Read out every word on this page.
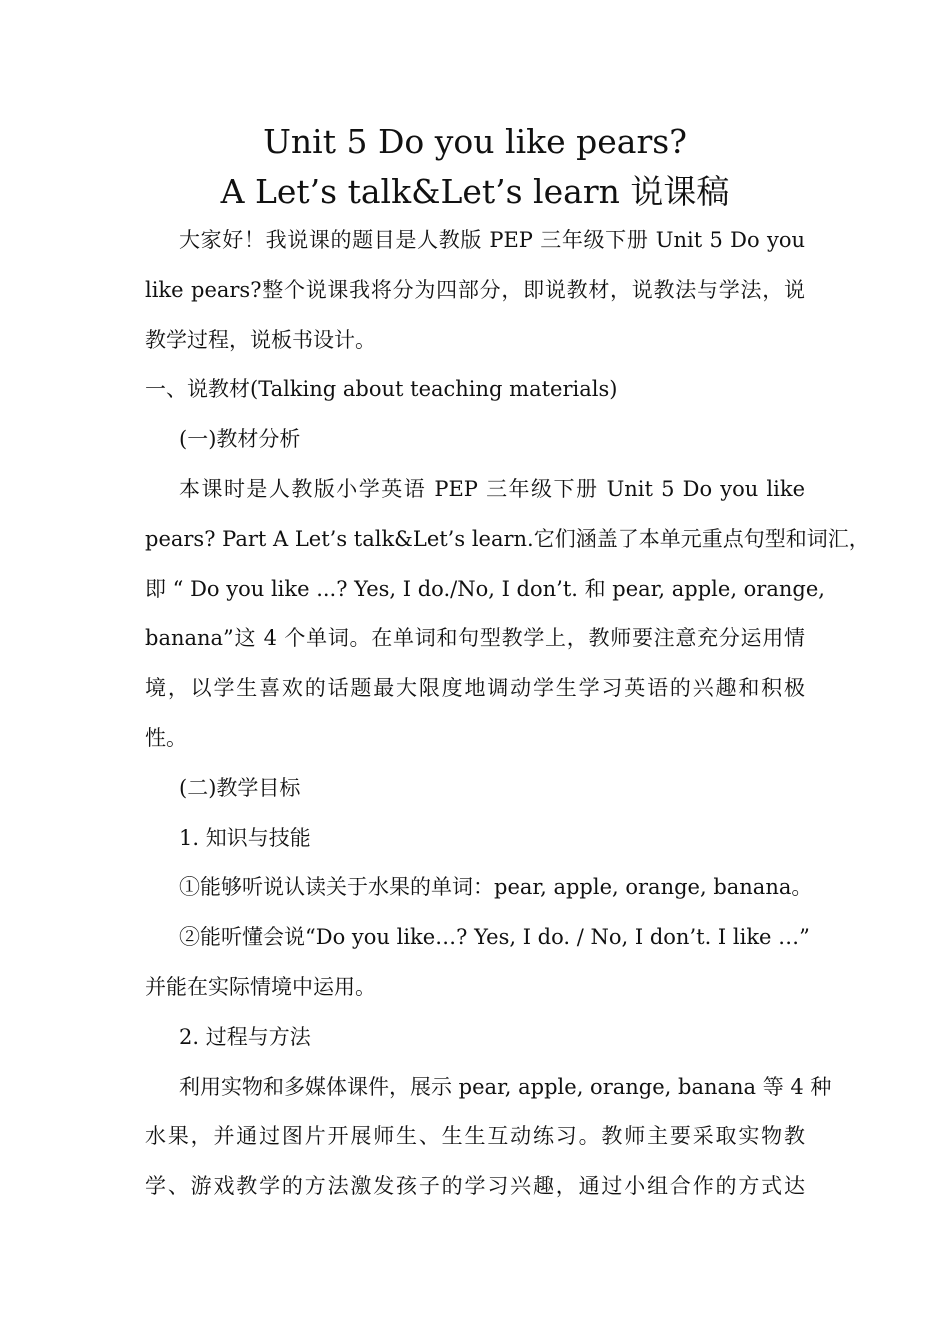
Unit 5 Do you like pears?
A Let’s talk&Let’s learn 说课稿

大家好！我说课的题目是人教版 PEP 三年级下册 Unit 5 Do you

like pears?整个说课我将分为四部分，即说教材，说教法与学法，说

教学过程，说板书设计。

一、说教材(Talking about teaching materials)

(一)教材分析

本课时是人教版小学英语 PEP 三年级下册 Unit 5 Do you like

pears? Part A Let’s talk&Let’s learn.它们涵盖了本单元重点句型和词汇，

即 “ Do you like ...? Yes, I do./No, I don’t. 和 pear, apple, orange,

banana”这 4 个单词。在单词和句型教学上，教师要注意充分运用情

境，以学生喜欢的话题最大限度地调动学生学习英语的兴趣和积极

性。

(二)教学目标

1. 知识与技能

①能够听说认读关于水果的单词：pear, apple, orange, banana。

②能听懂会说“Do you like…? Yes, I do. / No, I don’t. I like …”

并能在实际情境中运用。

2. 过程与方法

利用实物和多媒体课件，展示 pear, apple, orange, banana 等 4 种

水果，并通过图片开展师生、生生互动练习。教师主要采取实物教

学、游戏教学的方法激发孩子的学习兴趣，通过小组合作的方式达
